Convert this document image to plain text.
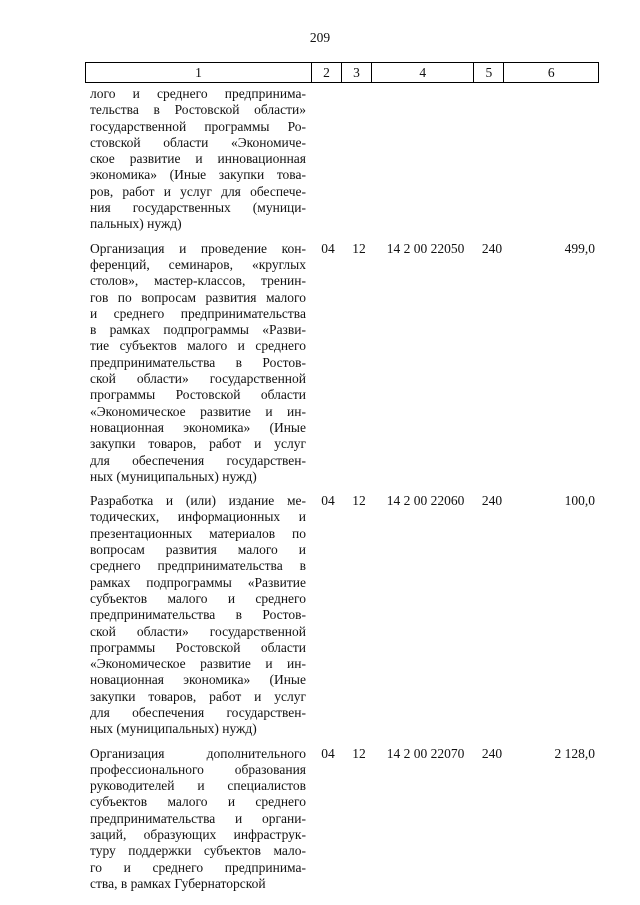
209
1	2	3	4	5	6
лого и среднего предпринима-
тельства в Ростовской области»
государственной программы Ро-
стовской области «Экономиче-
ское развитие и инновационная
экономика» (Иные закупки това-
ров, работ и услуг для обеспече-
ния государственных (муници-
пальных) нужд)
Организация и проведение кон-
ференций, семинаров, «круглых
столов», мастер-классов, тренин-
гов по вопросам развития малого
и среднего предпринимательства
в рамках подпрограммы «Разви-
тие субъектов малого и среднего
предпринимательства в Ростов-
ской области» государственной
программы Ростовской области
«Экономическое развитие и ин-
новационная экономика» (Иные
закупки товаров, работ и услуг
для обеспечения государствен-
ных (муниципальных) нужд)
04	12	14 2 00 22050	240	499,0
Разработка и (или) издание ме-
тодических, информационных и
презентационных материалов по
вопросам развития малого и
среднего предпринимательства в
рамках подпрограммы «Развитие
субъектов малого и среднего
предпринимательства в Ростов-
ской области» государственной
программы Ростовской области
«Экономическое развитие и ин-
новационная экономика» (Иные
закупки товаров, работ и услуг
для обеспечения государствен-
ных (муниципальных) нужд)
04	12	14 2 00 22060	240	100,0
Организация дополнительного
профессионального образования
руководителей и специалистов
субъектов малого и среднего
предпринимательства и органи-
заций, образующих инфраструк-
туру поддержки субъектов мало-
го и среднего предпринима-
ства, в рамках Губернаторской
04	12	14 2 00 22070	240	2 128,0
